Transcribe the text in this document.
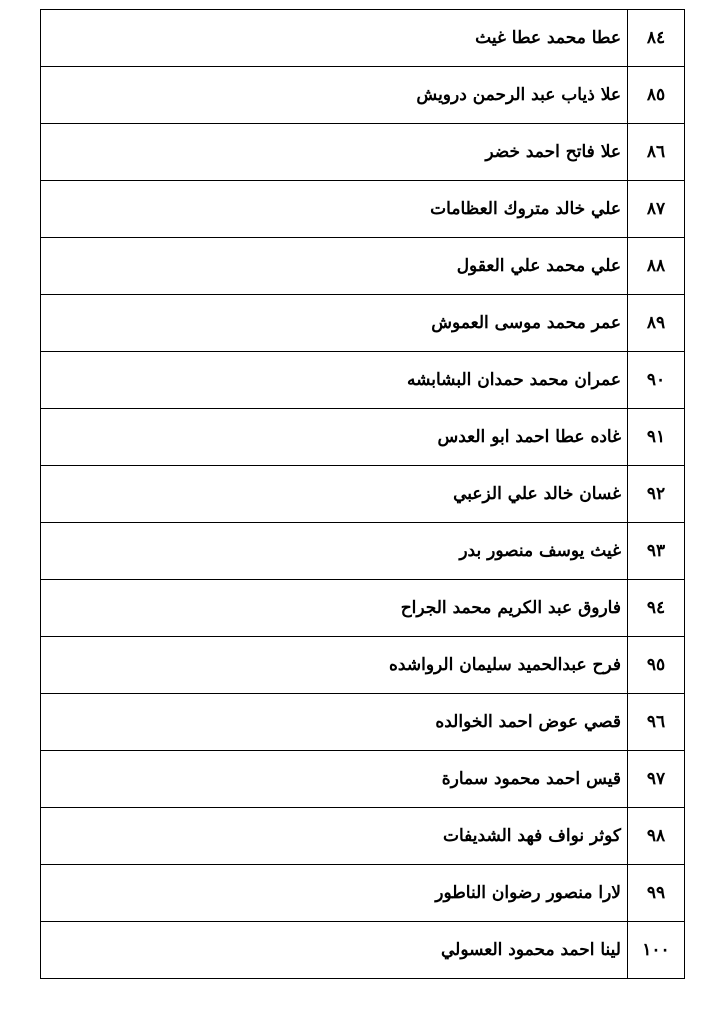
٨٤	عطا محمد عطا غيث
٨٥	علا ذياب عبد الرحمن درويش
٨٦	علا فاتح احمد خضر
٨٧	علي خالد متروك العظامات
٨٨	علي محمد علي العقول
٨٩	عمر محمد موسى العموش
٩٠	عمران محمد حمدان البشابشه
٩١	غاده عطا احمد ابو العدس
٩٢	غسان خالد علي الزعبي
٩٣	غيث يوسف منصور بدر
٩٤	فاروق عبد الكريم محمد الجراح
٩٥	فرح عبدالحميد سليمان الرواشده
٩٦	قصي عوض احمد الخوالده
٩٧	قيس احمد محمود سمارة
٩٨	كوثر نواف فهد الشديفات
٩٩	لارا منصور رضوان الناطور
١٠٠	لينا احمد محمود العسولي
